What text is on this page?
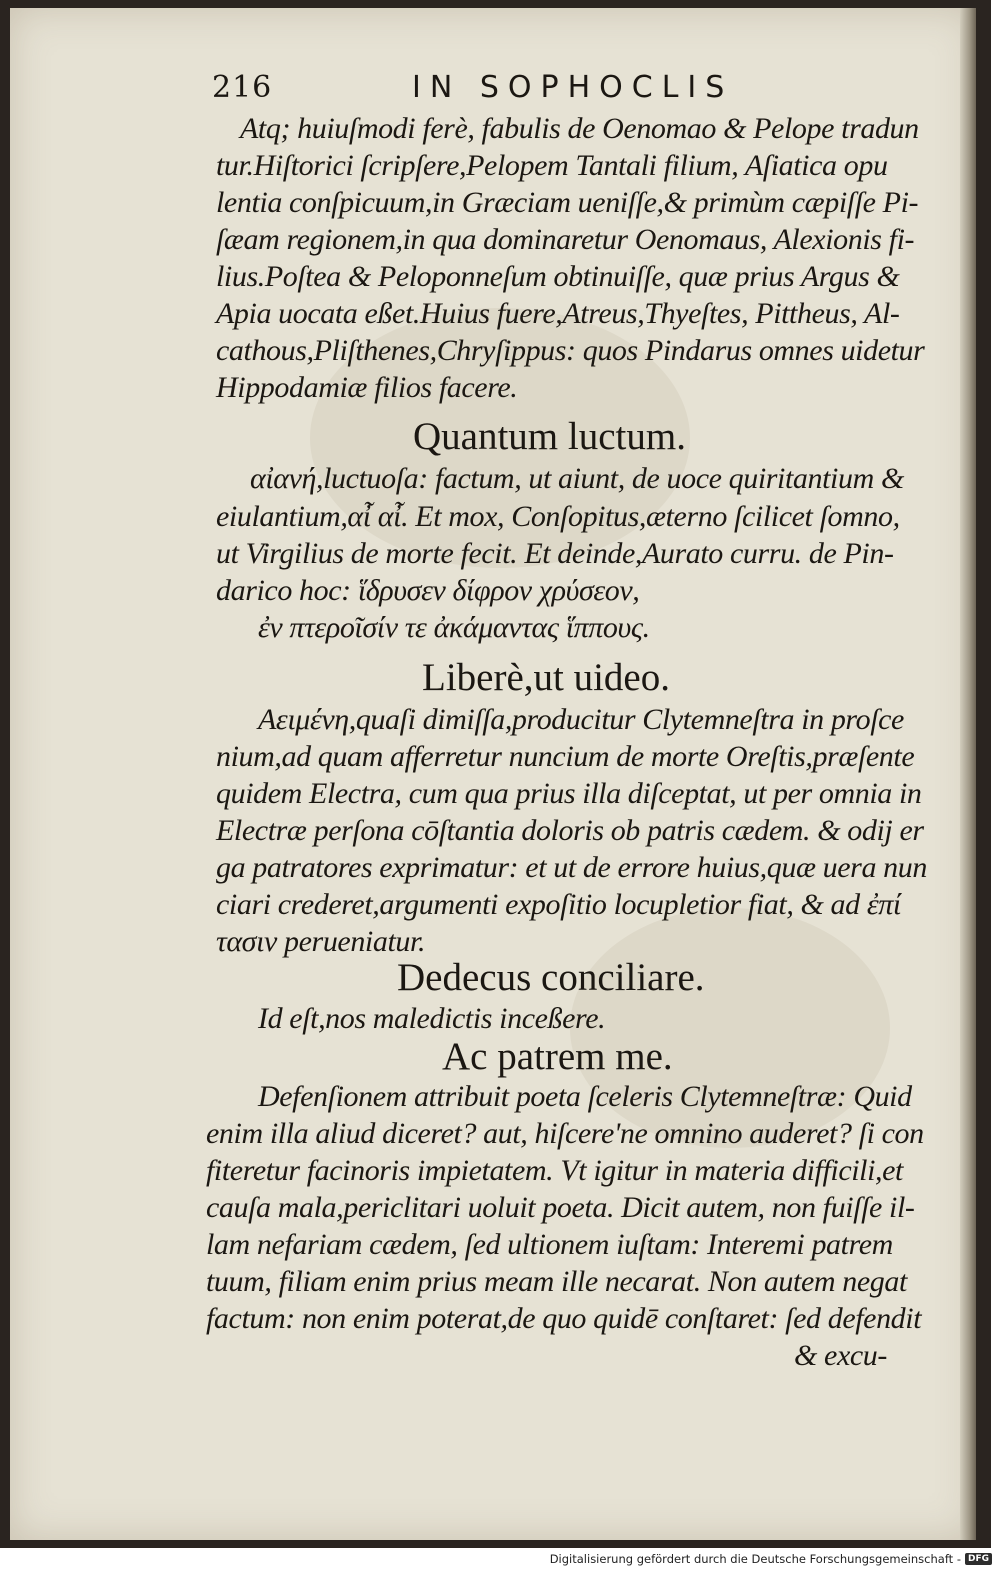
216	IN SOPHOCLIS
Atq; huiuſmodi ferè, fabulis de Oenomao & Pelope tradun
tur.Hiſtorici ſcripſere,Pelopem Tantali filium, Aſiatica opu
lentia conſpicuum,in Græciam ueniſſe,& primùm cæpiſſe Pi-
ſæam regionem,in qua dominaretur Oenomaus, Alexionis fi-
lius.Poſtea & Peloponneſum obtinuiſſe, quæ prius Argus &
Apia uocata eßet.Huius fuere,Atreus,Thyeſtes, Pittheus, Al-
cathous,Pliſthenes,Chryſippus: quos Pindarus omnes uidetur
Hippodamiæ filios facere.
Quantum luctum.
αἰανή,luctuoſa: factum, ut aiunt, de uoce quiritantium &
eiulantium,αἶ αἶ. Et mox, Conſopitus,æterno ſcilicet ſomno,
ut Virgilius de morte fecit. Et deinde,Aurato curru. de Pin-
darico hoc: ἵδρυσεν δίφρον χρύσεον,
ἐν πτεροῖσίν τε ἀκάμαντας ἵππους.
Liberè,ut uideo.
Αειμένη,quaſi dimiſſa,producitur Clytemneſtra in proſce
nium,ad quam afferretur nuncium de morte Oreſtis,præſente
quidem Electra, cum qua prius illa diſceptat, ut per omnia in
Electræ perſona cōſtantia doloris ob patris cædem. & odij er
ga patratores exprimatur: et ut de errore huius,quæ uera nun
ciari crederet,argumenti expoſitio locupletior fiat, & ad ἐπί
τασιν perueniatur.
Dedecus conciliare.
Id eſt,nos maledictis inceßere.
Ac patrem me.
Defenſionem attribuit poeta ſceleris Clytemneſtræ: Quid
enim illa aliud diceret? aut, hiſcere'ne omnino auderet? ſi con
fiteretur facinoris impietatem. Vt igitur in materia difficili,et
cauſa mala,periclitari uoluit poeta. Dicit autem, non fuiſſe il-
lam nefariam cædem, ſed ultionem iuſtam: Interemi patrem
tuum, filiam enim prius meam ille necarat. Non autem negat
factum: non enim poterat,de quo quidē conſtaret: ſed defendit
& excu-
Digitalisierung gefördert durch die Deutsche Forschungsgemeinschaft - DFG
